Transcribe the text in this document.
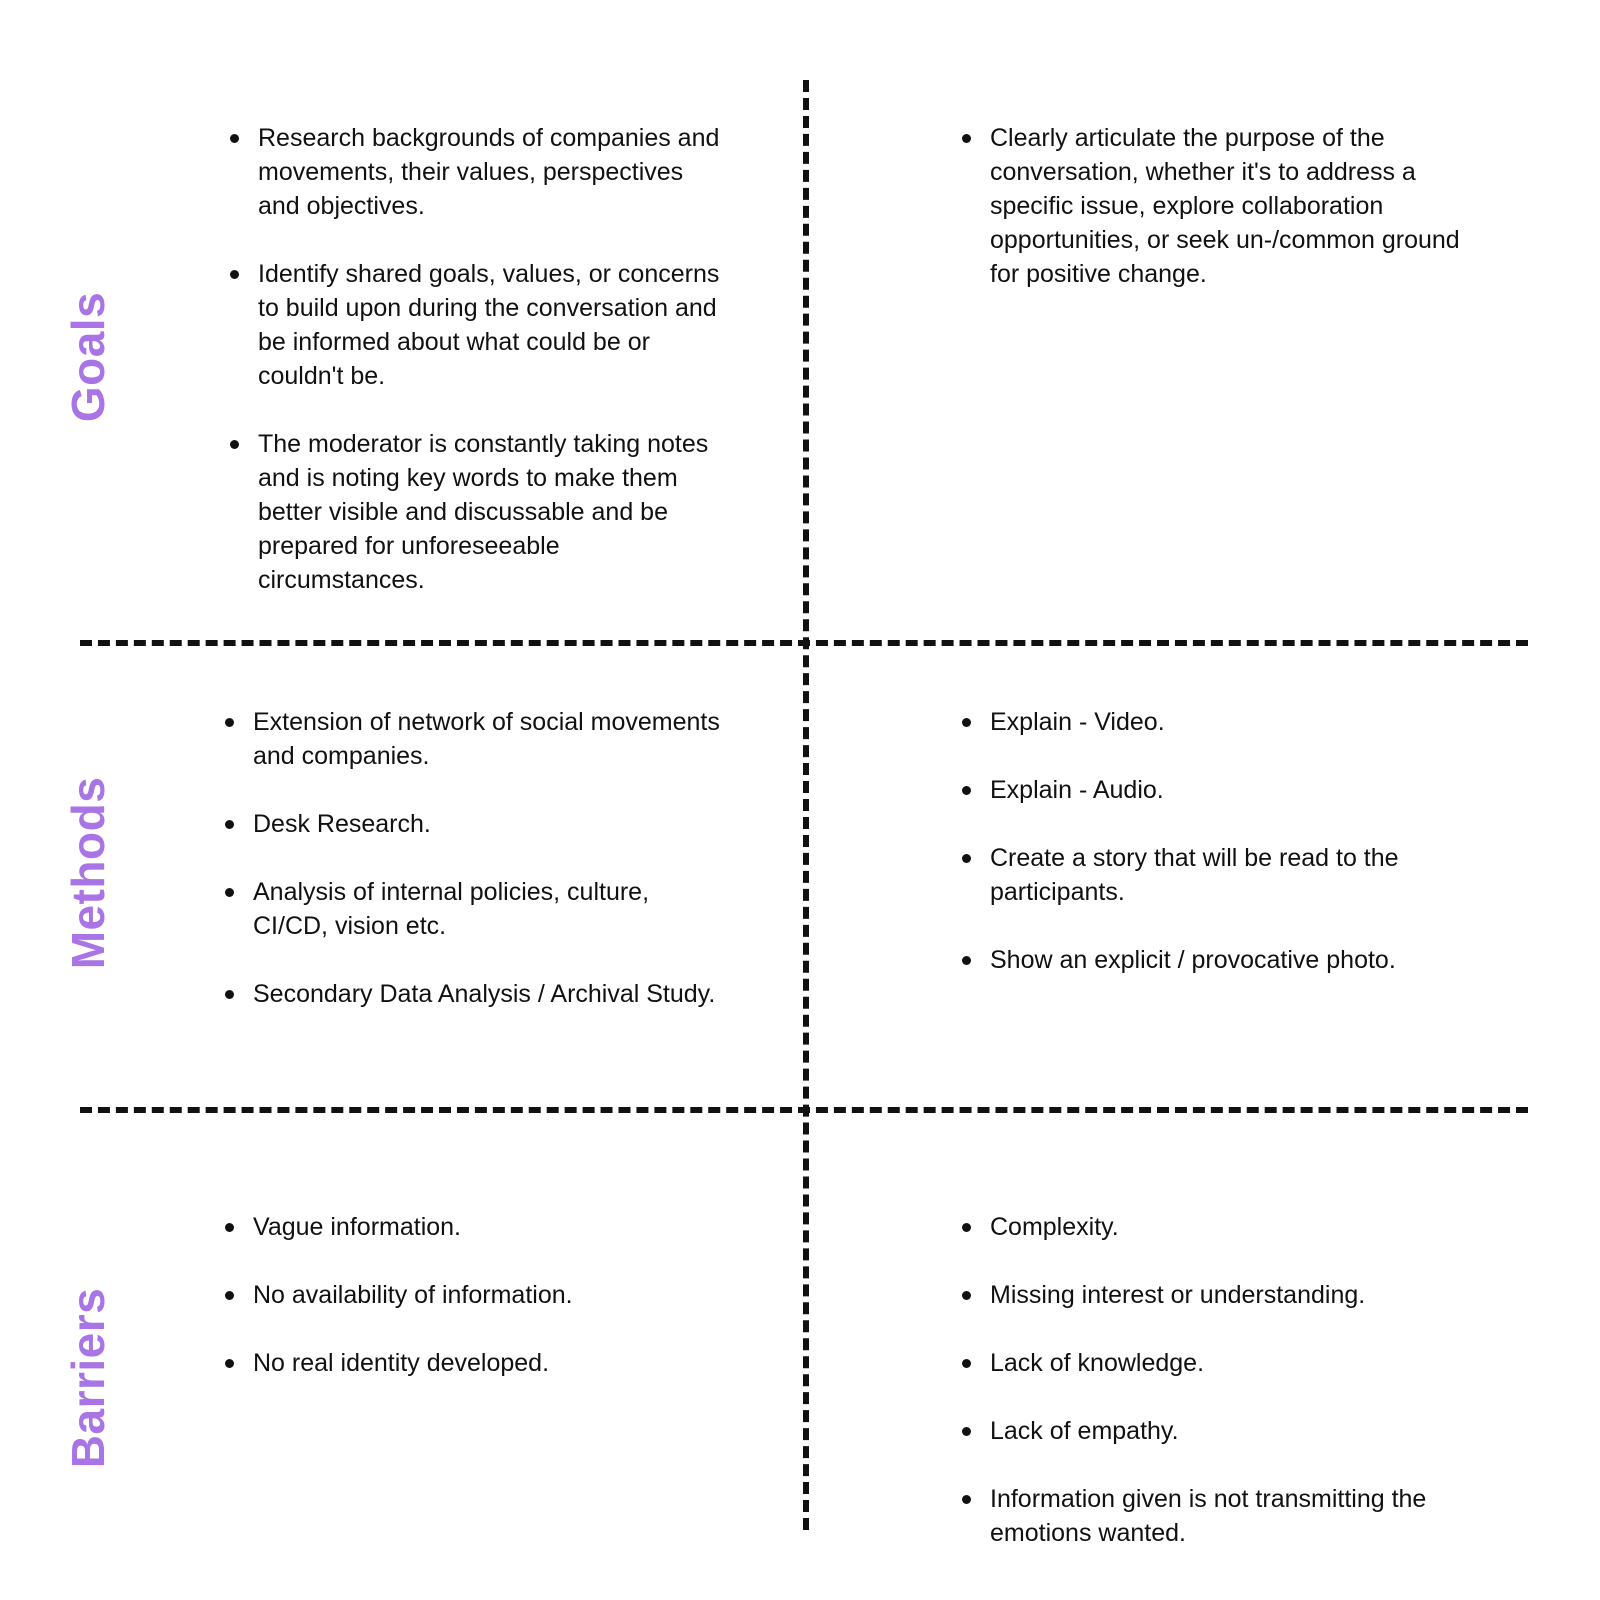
Goals
Methods
Barriers
Research backgrounds of companies and movements, their values, perspectives and objectives.
Identify shared goals, values, or concerns to build upon during the conversation and be informed about what could be or couldn't be.
The moderator is constantly taking notes and is noting key words to make them better visible and discussable and be prepared for unforeseeable circumstances.
Clearly articulate the purpose of the conversation, whether it's to address a specific issue, explore collaboration opportunities, or seek un-/common ground for positive change.
Extension of network of social movements and companies.
Desk Research.
Analysis of internal policies, culture, CI/CD, vision etc.
Secondary Data Analysis / Archival Study.
Explain - Video.
Explain - Audio.
Create a story that will be read to the participants.
Show an explicit / provocative photo.
Vague information.
No availability of information.
No real identity developed.
Complexity.
Missing interest or understanding.
Lack of knowledge.
Lack of empathy.
Information given is not transmitting the emotions wanted.
